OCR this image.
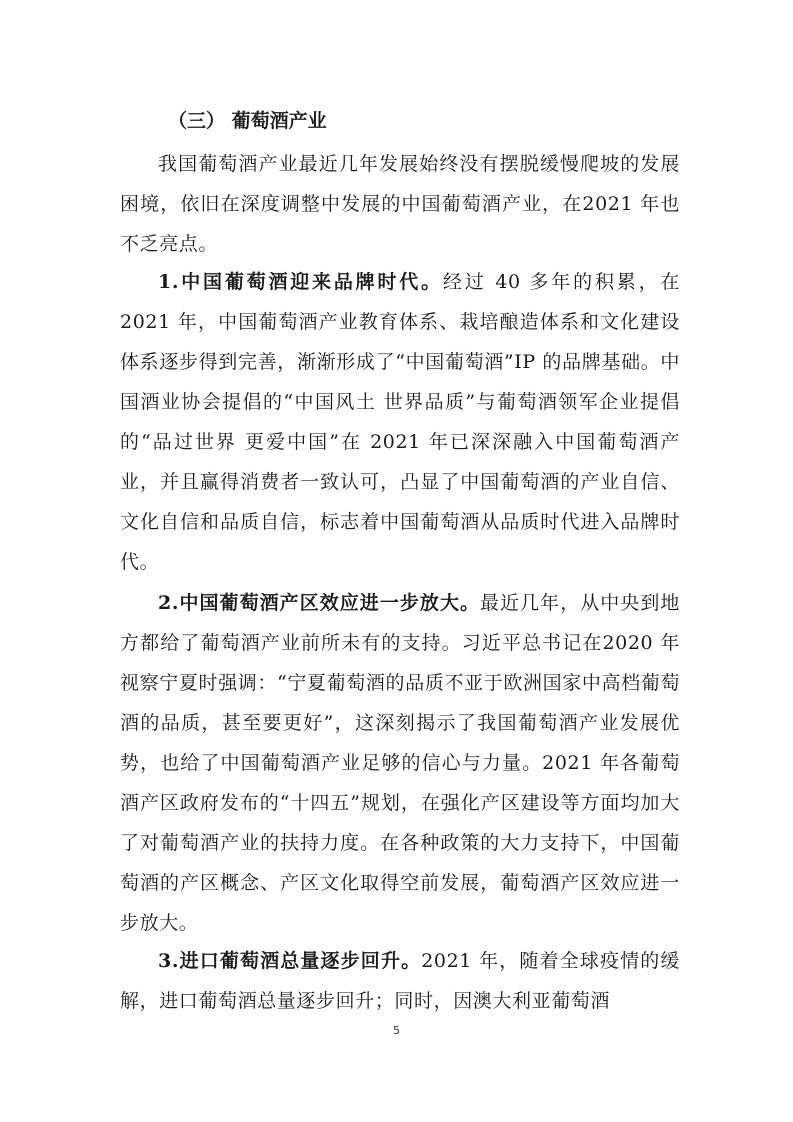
（三） 葡萄酒产业

我国葡萄酒产业最近几年发展始终没有摆脱缓慢爬坡的发展困境，依旧在深度调整中发展的中国葡萄酒产业，在2021 年也不乏亮点。

1.中国葡萄酒迎来品牌时代。经过 40 多年的积累，在2021 年，中国葡萄酒产业教育体系、栽培酿造体系和文化建设体系逐步得到完善，渐渐形成了“中国葡萄酒”IP 的品牌基础。中国酒业协会提倡的“中国风土 世界品质”与葡萄酒领军企业提倡的“品过世界 更爱中国”在 2021 年已深深融入中国葡萄酒产业，并且赢得消费者一致认可，凸显了中国葡萄酒的产业自信、文化自信和品质自信，标志着中国葡萄酒从品质时代进入品牌时代。

2.中国葡萄酒产区效应进一步放大。最近几年，从中央到地方都给了葡萄酒产业前所未有的支持。习近平总书记在2020 年视察宁夏时强调：“宁夏葡萄酒的品质不亚于欧洲国家中高档葡萄酒的品质，甚至要更好”，这深刻揭示了我国葡萄酒产业发展优势，也给了中国葡萄酒产业足够的信心与力量。2021 年各葡萄酒产区政府发布的“十四五”规划，在强化产区建设等方面均加大了对葡萄酒产业的扶持力度。在各种政策的大力支持下，中国葡萄酒的产区概念、产区文化取得空前发展，葡萄酒产区效应进一步放大。

3.进口葡萄酒总量逐步回升。2021 年，随着全球疫情的缓解，进口葡萄酒总量逐步回升；同时，因澳大利亚葡萄酒

5
